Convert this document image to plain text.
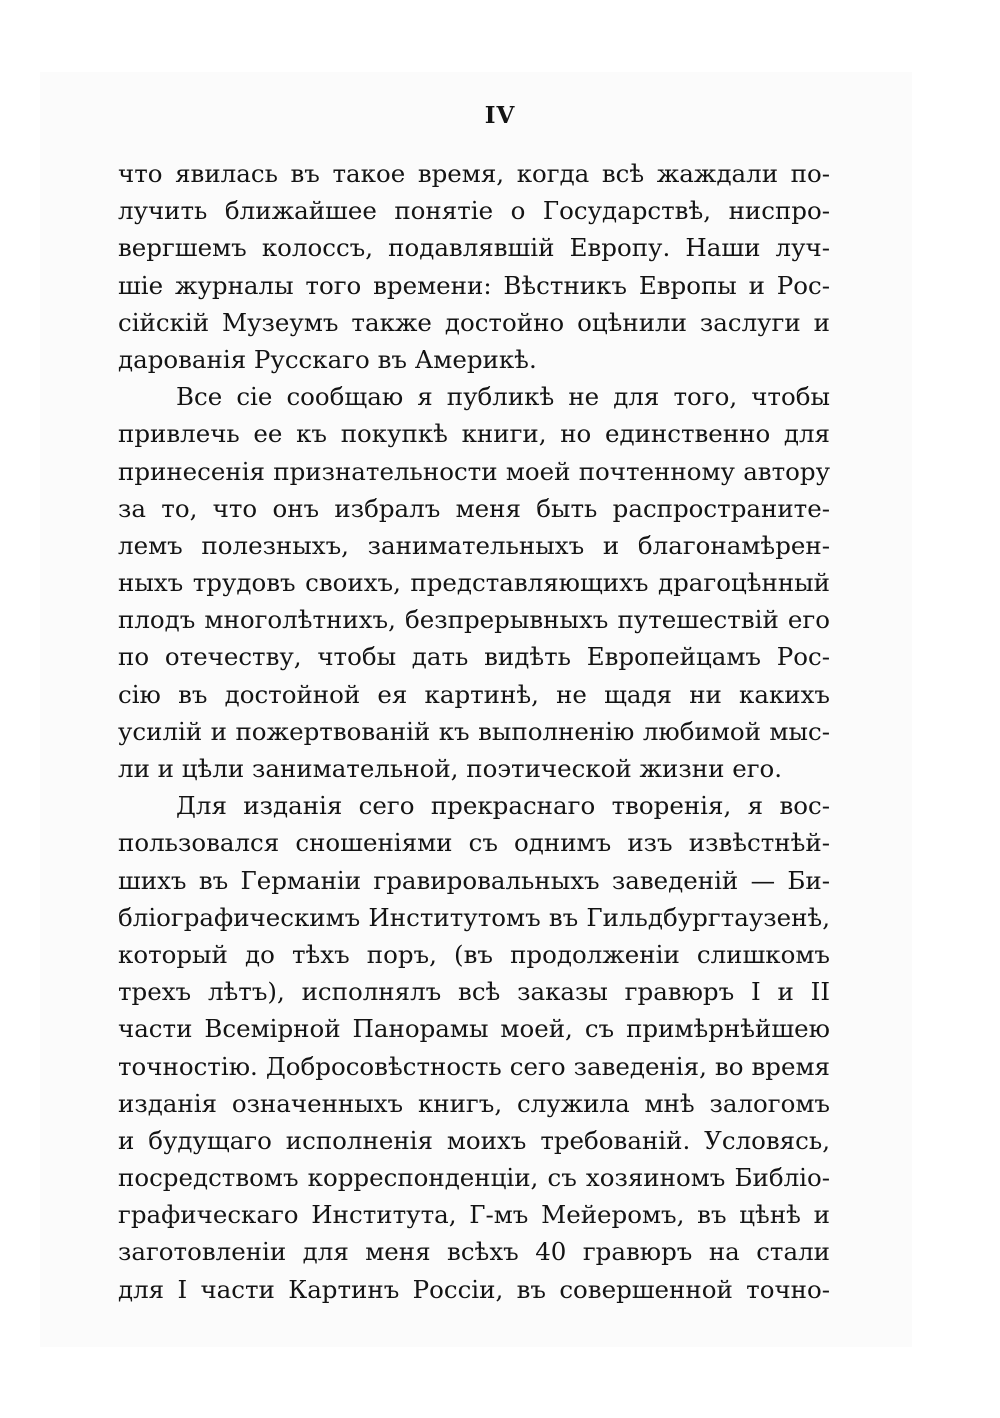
IV
что явилась въ такое время, когда всѣ жаждали по-
лучить ближайшее понятіе о Государствѣ, ниспро-
вергшемъ колоссъ, подавлявшій Европу. Наши луч-
шіе журналы того времени: Вѣстникъ Европы и Рос-
сійскій Музеумъ также достойно оцѣнили заслуги и
дарованія Русскаго въ Америкѣ.
Все сіе сообщаю я публикѣ не для того, чтобы
привлечь ее къ покупкѣ книги, но единственно для
принесенія признательности моей почтенному автору
за то, что онъ избралъ меня быть распространите-
лемъ полезныхъ, занимательныхъ и благонамѣрен-
ныхъ трудовъ своихъ, представляющихъ драгоцѣнный
плодъ многолѣтнихъ, безпрерывныхъ путешествій его
по отечеству, чтобы дать видѣть Европейцамъ Рос-
сію въ достойной ея картинѣ, не щадя ни какихъ
усилій и пожертвованій къ выполненію любимой мыс-
ли и цѣли занимательной, поэтической жизни его.
Для изданія сего прекраснаго творенія, я вос-
пользовался сношеніями съ однимъ изъ извѣстнѣй-
шихъ въ Германіи гравировальныхъ заведеній — Би-
бліографическимъ Институтомъ въ Гильдбургтаузенѣ,
который до тѣхъ поръ, (въ продолженіи слишкомъ
трехъ лѣтъ), исполнялъ всѣ заказы гравюръ I и II
части Всемірной Панорамы моей, съ примѣрнѣйшею
точностію. Добросовѣстность сего заведенія, во время
изданія означенныхъ книгъ, служила мнѣ залогомъ
и будущаго исполненія моихъ требованій. Условясь,
посредствомъ корреспонденціи, съ хозяиномъ Библіо-
графическаго Института, Г-мъ Мейеромъ, въ цѣнѣ и
заготовленіи для меня всѣхъ 40 гравюръ на стали
для I части Картинъ Россіи, въ совершенной точно-
